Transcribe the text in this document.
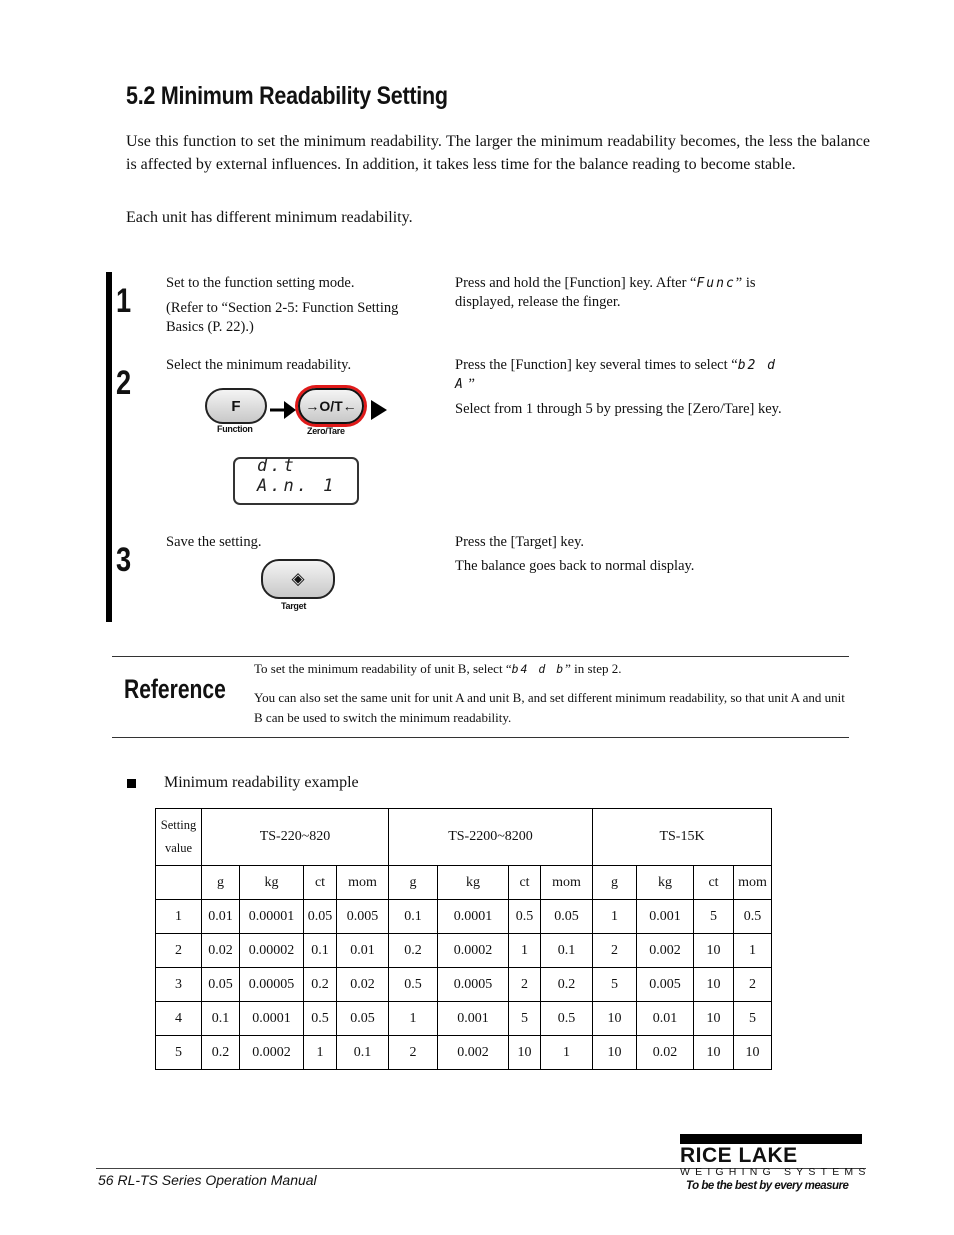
5.2 Minimum Readability Setting

Use this function to set the minimum readability. The larger the minimum readability becomes, the less the balance is affected by external influences. In addition, it takes less time for the balance reading to become stable.

Each unit has different minimum readability.

1 Set to the function setting mode.

(Refer to “Section 2-5: Function Setting Basics (P. 22).)

Press and hold the [Function] key. After “Func” is displayed, release the finger.

2 Select the minimum readability.	Press the [Function] key several times to select “b2 d A ”

Select from 1 through 5 by pressing the [Zero/Tare] key.

F
Function
→O/T←
Zero/Tare
d.t A.n. 1
3 Save the setting.	Press the [Target] key.

The balance goes back to normal display.

◈
Target
Reference

To set the minimum readability of unit B, select “b4 d b” in step 2.

You can also set the same unit for unit A and unit B, and set different minimum readability, so that unit A and unit B can be used to switch the minimum readability.

Minimum readability example

Setting value	TS-220~820				TS-2200~8200				TS-15K			
	g	kg	ct	mom	g	kg	ct	mom	g	kg	ct	mom
1	0.01	0.00001	0.05	0.005	0.1	0.0001	0.5	0.05	1	0.001	5	0.5
2	0.02	0.00002	0.1	0.01	0.2	0.0002	1	0.1	2	0.002	10	1
3	0.05	0.00005	0.2	0.02	0.5	0.0005	2	0.2	5	0.005	10	2
4	0.1	0.0001	0.5	0.05	1	0.001	5	0.5	10	0.01	10	5
5	0.2	0.0002	1	0.1	2	0.002	10	1	10	0.02	10	10
56 RL-TS Series Operation Manual
RICE LAKE
WEIGHING SYSTEMS
To be the best by every measure
